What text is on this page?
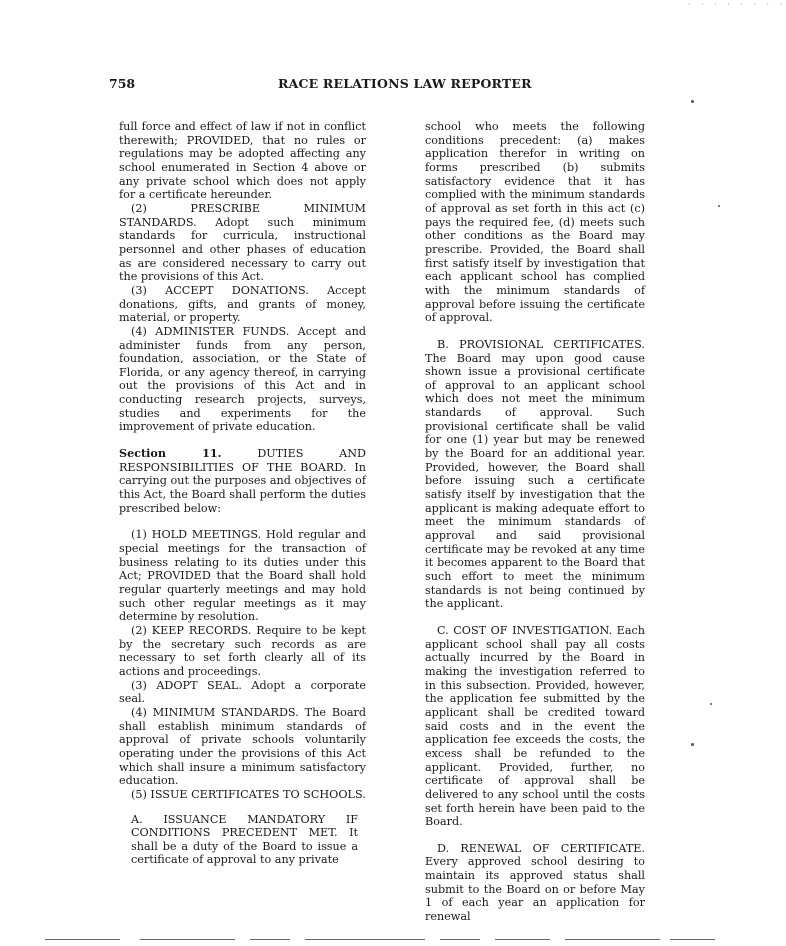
· · · · · · · ·
758	RACE RELATIONS LAW REPORTER

full force and effect of law if not in conflict therewith; PROVIDED, that no rules or regulations may be adopted affecting any school enumerated in Section 4 above or any private school which does not apply for a certificate hereunder.

(2) PRESCRIBE MINIMUM STANDARDS. Adopt such minimum standards for curricula, instructional personnel and other phases of education as are considered necessary to carry out the provisions of this Act.

(3) ACCEPT DONATIONS. Accept donations, gifts, and grants of money, material, or property.

(4) ADMINISTER FUNDS. Accept and administer funds from any person, foundation, association, or the State of Florida, or any agency thereof, in carrying out the provisions of this Act and in conducting research projects, surveys, studies and experiments for the improvement of private education.

Section 11. DUTIES AND RESPONSIBILITIES OF THE BOARD. In carrying out the purposes and objectives of this Act, the Board shall perform the duties prescribed below:

(1) HOLD MEETINGS. Hold regular and special meetings for the transaction of business relating to its duties under this Act; PROVIDED that the Board shall hold regular quarterly meetings and may hold such other regular meetings as it may determine by resolution.

(2) KEEP RECORDS. Require to be kept by the secretary such records as are necessary to set forth clearly all of its actions and proceedings.

(3) ADOPT SEAL. Adopt a corporate seal.

(4) MINIMUM STANDARDS. The Board shall establish minimum standards of approval of private schools voluntarily operating under the provisions of this Act which shall insure a minimum satisfactory education.

(5) ISSUE CERTIFICATES TO SCHOOLS.

A. ISSUANCE MANDATORY IF CONDITIONS PRECEDENT MET. It shall be a duty of the Board to issue a certificate of approval to any private

school who meets the following conditions precedent: (a) makes application therefor in writing on forms prescribed (b) submits satisfactory evidence that it has complied with the minimum standards of approval as set forth in this act (c) pays the required fee, (d) meets such other conditions as the Board may prescribe. Provided, the Board shall first satisfy itself by investigation that each applicant school has complied with the minimum standards of approval before issuing the certificate of approval.

B. PROVISIONAL CERTIFICATES. The Board may upon good cause shown issue a provisional certificate of approval to an applicant school which does not meet the minimum standards of approval. Such provisional certificate shall be valid for one (1) year but may be renewed by the Board for an additional year. Provided, however, the Board shall before issuing such a certificate satisfy itself by investigation that the applicant is making adequate effort to meet the minimum standards of approval and said provisional certificate may be revoked at any time it becomes apparent to the Board that such effort to meet the minimum standards is not being continued by the applicant.

C. COST OF INVESTIGATION. Each applicant school shall pay all costs actually incurred by the Board in making the investigation referred to in this subsection. Provided, however, the application fee submitted by the applicant shall be credited toward said costs and in the event the application fee exceeds the costs, the excess shall be refunded to the applicant. Provided, further, no certificate of approval shall be delivered to any school until the costs set forth herein have been paid to the Board.

D. RENEWAL OF CERTIFICATE. Every approved school desiring to maintain its approved status shall submit to the Board on or before May 1 of each year an application for renewal
